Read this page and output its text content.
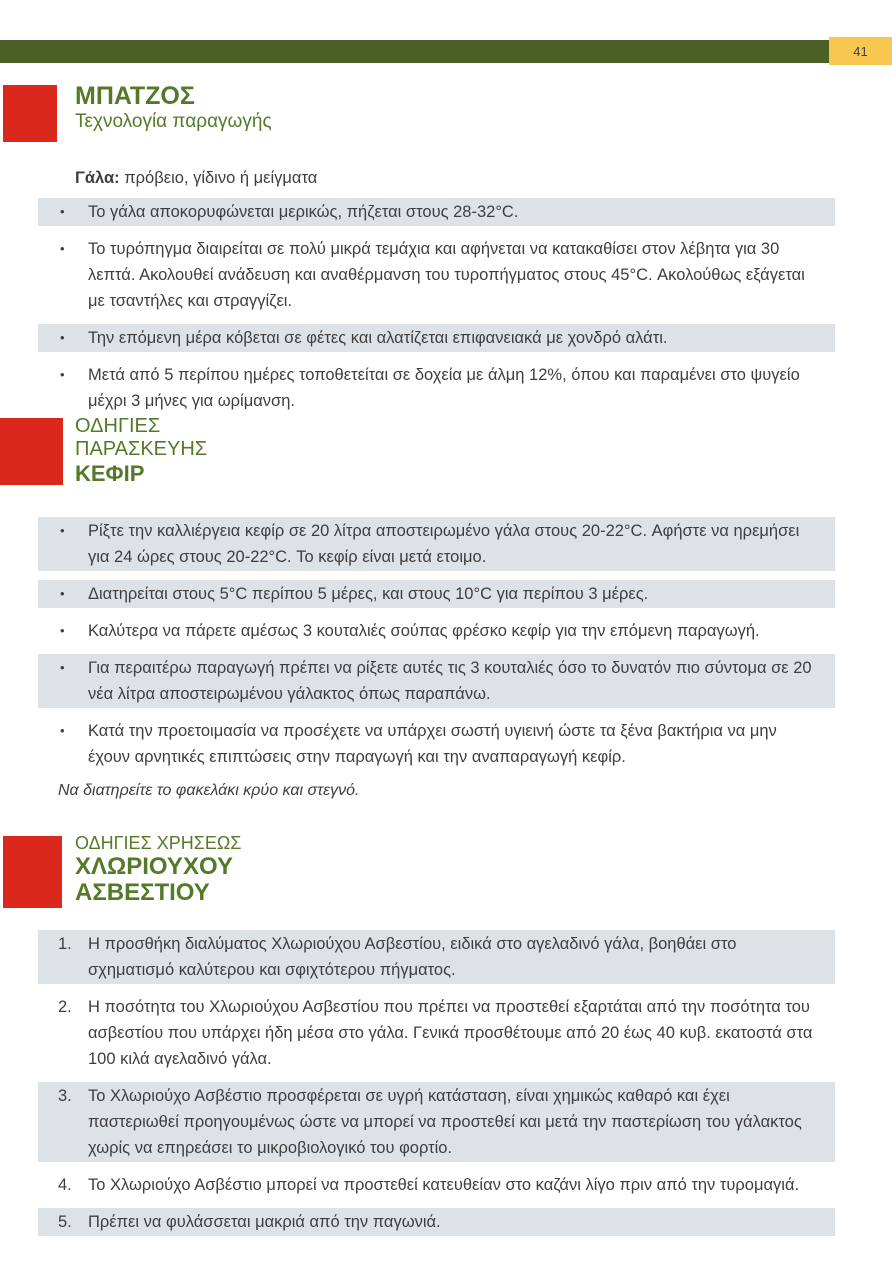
41
ΜΠΑΤΖΟΣ
Τεχνολογία παραγωγής
Γάλα: πρόβειο, γίδινο ή μείγματα
•	Το γάλα αποκορυφώνεται μερικώς, πήζεται στους 28-32°C.
•	Το τυρόπηγμα διαιρείται σε πολύ μικρά τεμάχια και αφήνεται να κατακαθίσει στον λέβητα για 30 λεπτά. Ακολουθεί ανάδευση και αναθέρμανση του τυροπήγματος στους 45°C. Ακολούθως εξάγεται με τσαντήλες και στραγγίζει.
•	Την επόμενη μέρα κόβεται σε φέτες και αλατίζεται επιφανειακά με χονδρό αλάτι.
•	Μετά από 5 περίπου ημέρες τοποθετείται σε δοχεία με άλμη 12%, όπου και παραμένει στο ψυγείο μέχρι 3 μήνες για ωρίμανση.
ΟΔΗΓΙΕΣ
ΠΑΡΑΣΚΕΥΗΣ
ΚΕΦΙΡ
•	Ρίξτε την καλλιέργεια κεφίρ σε 20 λίτρα αποστειρωμένο γάλα στους 20-22°C. Αφήστε να ηρεμήσει για 24 ώρες στους 20-22°C. Το κεφίρ είναι μετά ετοιμο.
•	Διατηρείται στους 5°C περίπου 5 μέρες, και στους 10°C για περίπου 3 μέρες.
•	Καλύτερα να πάρετε αμέσως 3 κουταλιές σούπας φρέσκο κεφίρ για την επόμενη παραγωγή.
•	Για περαιτέρω παραγωγή πρέπει να ρίξετε αυτές τις 3 κουταλιές όσο το δυνατόν πιο σύντομα σε 20 νέα λίτρα αποστειρωμένου γάλακτος όπως παραπάνω.
•	Κατά την προετοιμασία να προσέχετε να υπάρχει σωστή υγιεινή ώστε τα ξένα βακτήρια να μην έχουν αρνητικές επιπτώσεις στην παραγωγή και την αναπαραγωγή κεφίρ.
Να διατηρείτε το φακελάκι κρύο και στεγνό.
ΟΔΗΓΙΕΣ ΧΡΗΣΕΩΣ
ΧΛΩΡΙΟΥΧΟΥ
ΑΣΒΕΣΤΙΟΥ
1. Η προσθήκη διαλύματος Χλωριούχου Ασβεστίου, ειδικά στο αγελαδινό γάλα, βοηθάει στο σχηματισμό καλύτερου και σφιχτότερου πήγματος.
2. Η ποσότητα του Χλωριούχου Ασβεστίου που πρέπει να προστεθεί εξαρτάται από την ποσότητα του ασβεστίου που υπάρχει ήδη μέσα στο γάλα. Γενικά προσθέτουμε από 20 έως 40 κυβ. εκατοστά στα 100 κιλά αγελαδινό γάλα.
3. Το Χλωριούχο Ασβέστιο προσφέρεται σε υγρή κατάσταση, είναι χημικώς καθαρό και έχει παστεριωθεί προηγουμένως ώστε να μπορεί να προστεθεί και μετά την παστερίωση του γάλακτος χωρίς να επηρεάσει το μικροβιολογικό του φορτίο.
4. Το Χλωριούχο Ασβέστιο μπορεί να προστεθεί κατευθείαν στο καζάνι λίγο πριν από την τυρομαγιά.
5. Πρέπει να φυλάσσεται μακριά από την παγωνιά.
